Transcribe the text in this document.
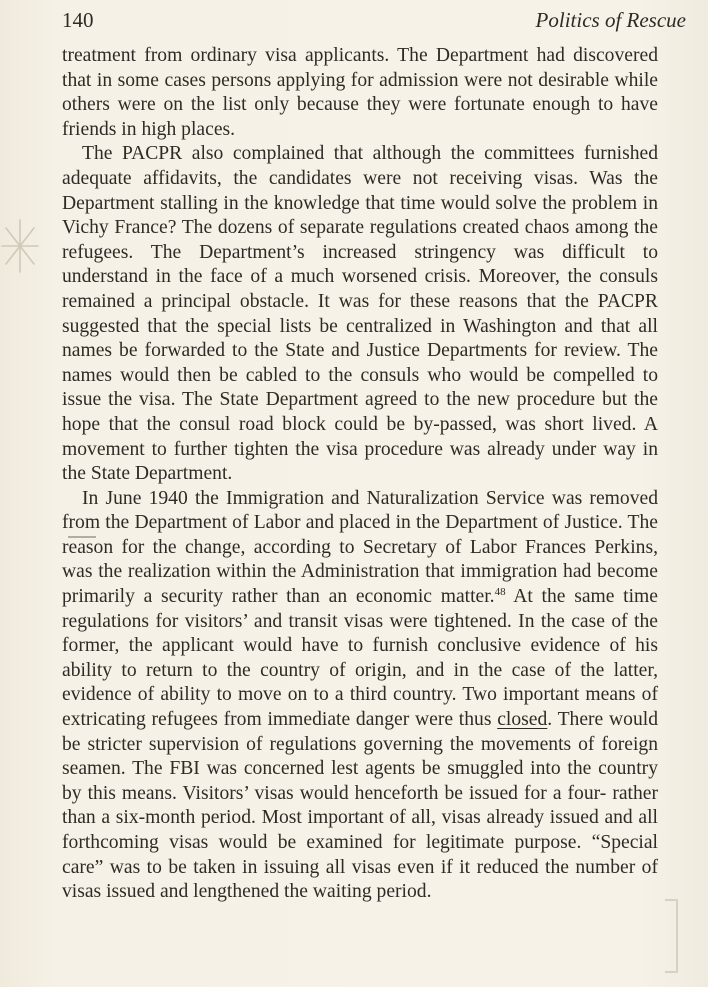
140	Politics of Rescue

treatment from ordinary visa applicants. The Department had discovered that in some cases persons applying for admission were not desirable while others were on the list only because they were fortunate enough to have friends in high places.

The PACPR also complained that although the committees furnished adequate affidavits, the candidates were not receiving visas. Was the Department stalling in the knowledge that time would solve the problem in Vichy France? The dozens of separate regulations created chaos among the refugees. The Department’s increased stringency was difficult to understand in the face of a much worsened crisis. Moreover, the consuls remained a principal obstacle. It was for these reasons that the PACPR suggested that the special lists be centralized in Washington and that all names be forwarded to the State and Justice Departments for review. The names would then be cabled to the consuls who would be compelled to issue the visa. The State Department agreed to the new procedure but the hope that the consul road block could be by-passed, was short lived. A movement to further tighten the visa procedure was already under way in the State Department.

In June 1940 the Immigration and Naturalization Service was removed from the Department of Labor and placed in the Department of Justice. The reason for the change, according to Secretary of Labor Frances Perkins, was the realization within the Administration that immigration had become primarily a security rather than an economic matter.$^{48}$ At the same time regulations for visitors’ and transit visas were tightened. In the case of the former, the applicant would have to furnish conclusive evidence of his ability to return to the country of origin, and in the case of the latter, evidence of ability to move on to a third country. Two important means of extricating refugees from immediate danger were thus closed. There would be stricter supervision of regulations governing the movements of foreign seamen. The FBI was concerned lest agents be smuggled into the country by this means. Visitors’ visas would henceforth be issued for a four- rather than a six-month period. Most important of all, visas already issued and all forthcoming visas would be examined for legitimate purpose. “Special care” was to be taken in issuing all visas even if it reduced the number of visas issued and lengthened the waiting period.
